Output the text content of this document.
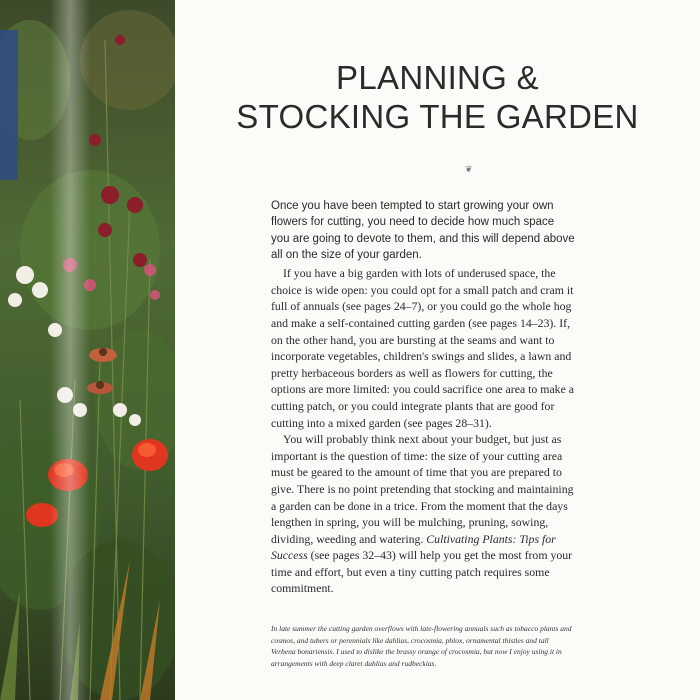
PLANNING &
STOCKING THE GARDEN
❦

Once you have been tempted to start growing your own flowers for cutting, you need to decide how much space you are going to devote to them, and this will depend above all on the size of your garden.

If you have a big garden with lots of underused space, the choice is wide open: you could opt for a small patch and cram it full of annuals (see pages 24–7), or you could go the whole hog and make a self-contained cutting garden (see pages 14–23). If, on the other hand, you are bursting at the seams and want to incorporate vegetables, children's swings and slides, a lawn and pretty herbaceous borders as well as flowers for cutting, the options are more limited: you could sacrifice one area to make a cutting patch, or you could integrate plants that are good for cutting into a mixed garden (see pages 28–31).

You will probably think next about your budget, but just as important is the question of time: the size of your cutting area must be geared to the amount of time that you are prepared to give. There is no point pretending that stocking and maintaining a garden can be done in a trice. From the moment that the days lengthen in spring, you will be mulching, pruning, sowing, dividing, weeding and watering. Cultivating Plants: Tips for Success (see pages 32–43) will help you get the most from your time and effort, but even a tiny cutting patch requires some commitment.

In late summer the cutting garden overflows with late-flowering annuals such as tobacco plants and cosmos, and tubers or perennials like dahlias, crocosmia, phlox, ornamental thistles and tall Verbena bonariensis. I used to dislike the brassy orange of crocosmia, but now I enjoy using it in arrangements with deep claret dahlias and rudbeckias.
